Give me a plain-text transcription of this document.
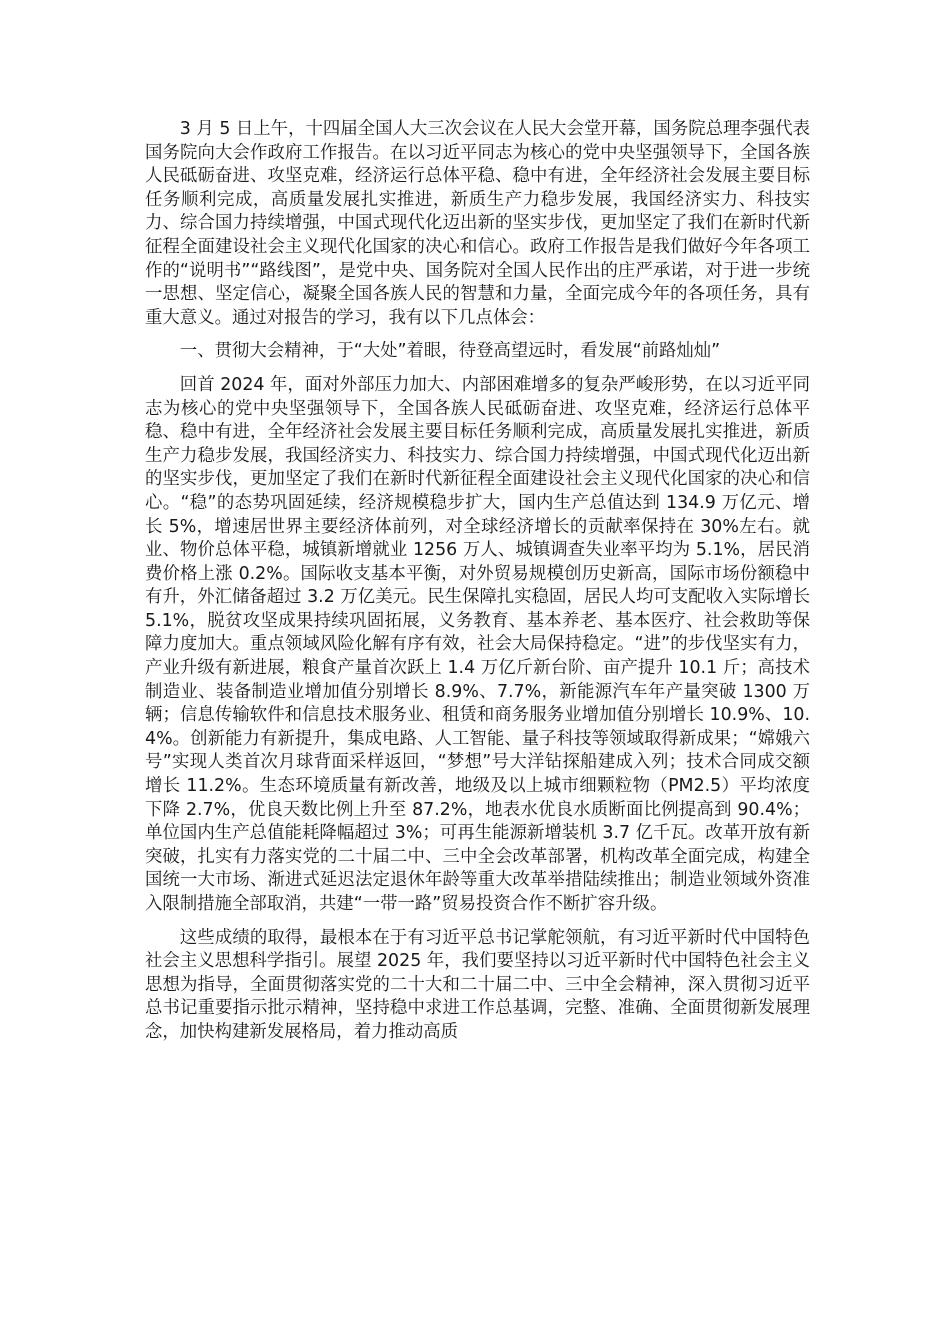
3 月 5 日上午，十四届全国人大三次会议在人民大会堂开幕，国务院总理李强代表国务院向大会作政府工作报告。在以习近平同志为核心的党中央坚强领导下，全国各族人民砥砺奋进、攻坚克难，经济运行总体平稳、稳中有进，全年经济社会发展主要目标任务顺利完成，高质量发展扎实推进，新质生产力稳步发展，我国经济实力、科技实力、综合国力持续增强，中国式现代化迈出新的坚实步伐，更加坚定了我们在新时代新征程全面建设社会主义现代化国家的决心和信心。政府工作报告是我们做好今年各项工作的“说明书”“路线图”，是党中央、国务院对全国人民作出的庄严承诺，对于进一步统一思想、坚定信心，凝聚全国各族人民的智慧和力量，全面完成今年的各项任务，具有重大意义。通过对报告的学习，我有以下几点体会：

一、贯彻大会精神，于“大处”着眼，待登高望远时，看发展“前路灿灿”

回首 2024 年，面对外部压力加大、内部困难增多的复杂严峻形势，在以习近平同志为核心的党中央坚强领导下，全国各族人民砥砺奋进、攻坚克难，经济运行总体平稳、稳中有进，全年经济社会发展主要目标任务顺利完成，高质量发展扎实推进，新质生产力稳步发展，我国经济实力、科技实力、综合国力持续增强，中国式现代化迈出新的坚实步伐，更加坚定了我们在新时代新征程全面建设社会主义现代化国家的决心和信心。“稳”的态势巩固延续，经济规模稳步扩大，国内生产总值达到 134.9 万亿元、增长 5%，增速居世界主要经济体前列，对全球经济增长的贡献率保持在 30%左右。就业、物价总体平稳，城镇新增就业 1256 万人、城镇调查失业率平均为 5.1%，居民消费价格上涨 0.2%。国际收支基本平衡，对外贸易规模创历史新高，国际市场份额稳中有升，外汇储备超过 3.2 万亿美元。民生保障扎实稳固，居民人均可支配收入实际增长 5.1%，脱贫攻坚成果持续巩固拓展，义务教育、基本养老、基本医疗、社会救助等保障力度加大。重点领域风险化解有序有效，社会大局保持稳定。“进”的步伐坚实有力，产业升级有新进展，粮食产量首次跃上 1.4 万亿斤新台阶、亩产提升 10.1 斤；高技术制造业、装备制造业增加值分别增长 8.9%、7.7%，新能源汽车年产量突破 1300 万辆；信息传输软件和信息技术服务业、租赁和商务服务业增加值分别增长 10.9%、10.4%。创新能力有新提升，集成电路、人工智能、量子科技等领域取得新成果；“嫦娥六号”实现人类首次月球背面采样返回，“梦想”号大洋钻探船建成入列；技术合同成交额增长 11.2%。生态环境质量有新改善，地级及以上城市细颗粒物（PM2.5）平均浓度下降 2.7%，优良天数比例上升至 87.2%，地表水优良水质断面比例提高到 90.4%；单位国内生产总值能耗降幅超过 3%；可再生能源新增装机 3.7 亿千瓦。改革开放有新突破，扎实有力落实党的二十届二中、三中全会改革部署，机构改革全面完成，构建全国统一大市场、渐进式延迟法定退休年龄等重大改革举措陆续推出；制造业领域外资准入限制措施全部取消，共建“一带一路”贸易投资合作不断扩容升级。

这些成绩的取得，最根本在于有习近平总书记掌舵领航，有习近平新时代中国特色社会主义思想科学指引。展望 2025 年，我们要坚持以习近平新时代中国特色社会主义思想为指导，全面贯彻落实党的二十大和二十届二中、三中全会精神，深入贯彻习近平总书记重要指示批示精神，坚持稳中求进工作总基调，完整、准确、全面贯彻新发展理念，加快构建新发展格局，着力推动高质
